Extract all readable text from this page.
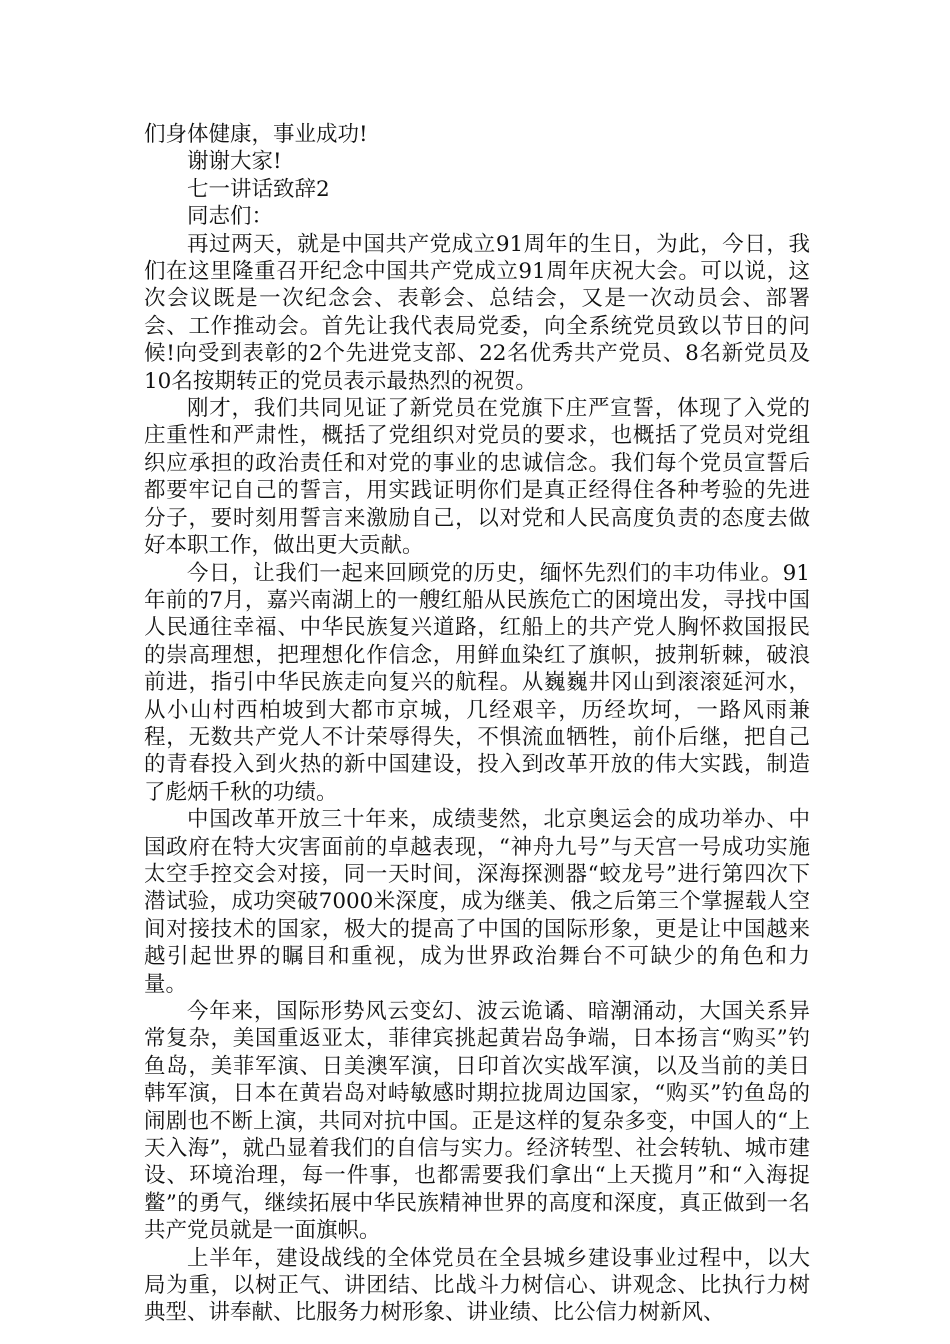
们身体健康，事业成功!

谢谢大家!

七一讲话致辞2

同志们：

再过两天，就是中国共产党成立91周年的生日，为此，今日，我们在这里隆重召开纪念中国共产党成立91周年庆祝大会。可以说，这次会议既是一次纪念会、表彰会、总结会，又是一次动员会、部署会、工作推动会。首先让我代表局党委，向全系统党员致以节日的问候!向受到表彰的2个先进党支部、22名优秀共产党员、8名新党员及10名按期转正的党员表示最热烈的祝贺。

刚才，我们共同见证了新党员在党旗下庄严宣誓，体现了入党的庄重性和严肃性，概括了党组织对党员的要求，也概括了党员对党组织应承担的政治责任和对党的事业的忠诚信念。我们每个党员宣誓后都要牢记自己的誓言，用实践证明你们是真正经得住各种考验的先进分子，要时刻用誓言来激励自己，以对党和人民高度负责的态度去做好本职工作，做出更大贡献。

今日，让我们一起来回顾党的历史，缅怀先烈们的丰功伟业。91年前的7月，嘉兴南湖上的一艘红船从民族危亡的困境出发，寻找中国人民通往幸福、中华民族复兴道路，红船上的共产党人胸怀救国报民的崇高理想，把理想化作信念，用鲜血染红了旗帜，披荆斩棘，破浪前进，指引中华民族走向复兴的航程。从巍巍井冈山到滚滚延河水，从小山村西柏坡到大都市京城，几经艰辛，历经坎坷，一路风雨兼程，无数共产党人不计荣辱得失，不惧流血牺牲，前仆后继，把自己的青春投入到火热的新中国建设，投入到改革开放的伟大实践，制造了彪炳千秋的功绩。

中国改革开放三十年来，成绩斐然，北京奥运会的成功举办、中国政府在特大灾害面前的卓越表现，“神舟九号”与天宫一号成功实施太空手控交会对接，同一天时间，深海探测器“蛟龙号”进行第四次下潜试验，成功突破7000米深度，成为继美、俄之后第三个掌握载人空间对接技术的国家，极大的提高了中国的国际形象，更是让中国越来越引起世界的瞩目和重视，成为世界政治舞台不可缺少的角色和力量。

今年来，国际形势风云变幻、波云诡谲、暗潮涌动，大国关系异常复杂，美国重返亚太，菲律宾挑起黄岩岛争端，日本扬言“购买”钓鱼岛，美菲军演、日美澳军演，日印首次实战军演，以及当前的美日韩军演，日本在黄岩岛对峙敏感时期拉拢周边国家，“购买”钓鱼岛的闹剧也不断上演，共同对抗中国。正是这样的复杂多变，中国人的“上天入海”，就凸显着我们的自信与实力。经济转型、社会转轨、城市建设、环境治理，每一件事，也都需要我们拿出“上天揽月”和“入海捉鳖”的勇气，继续拓展中华民族精神世界的高度和深度，真正做到一名共产党员就是一面旗帜。

上半年，建设战线的全体党员在全县城乡建设事业过程中，以大局为重，以树正气、讲团结、比战斗力树信心、讲观念、比执行力树典型、讲奉献、比服务力树形象、讲业绩、比公信力树新风、
